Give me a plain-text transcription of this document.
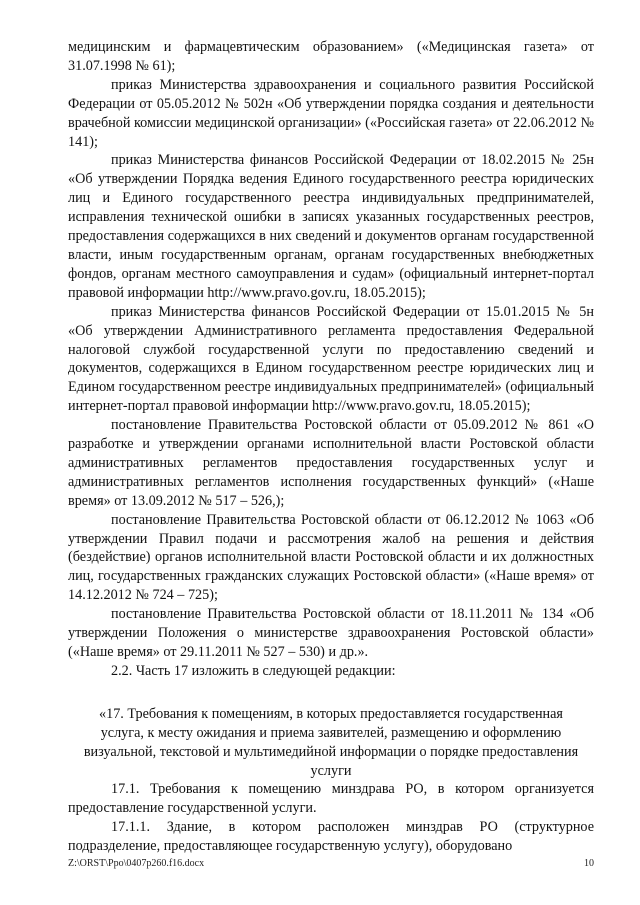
медицинским и фармацевтическим образованием» («Медицинская газета» от 31.07.1998 № 61);

приказ Министерства здравоохранения и социального развития Российской Федерации от 05.05.2012 № 502н «Об утверждении порядка создания и деятельности врачебной комиссии медицинской организации» («Российская газета» от 22.06.2012 № 141);

приказ Министерства финансов Российской Федерации от 18.02.2015 № 25н «Об утверждении Порядка ведения Единого государственного реестра юридических лиц и Единого государственного реестра индивидуальных предпринимателей, исправления технической ошибки в записях указанных государственных реестров, предоставления содержащихся в них сведений и документов органам государственной власти, иным государственным органам, органам государственных внебюджетных фондов, органам местного самоуправления и судам» (официальный интернет-портал правовой информации http://www.pravo.gov.ru, 18.05.2015);

приказ Министерства финансов Российской Федерации от 15.01.2015 № 5н «Об утверждении Административного регламента предоставления Федеральной налоговой службой государственной услуги по предоставлению сведений и документов, содержащихся в Едином государственном реестре юридических лиц и Едином государственном реестре индивидуальных предпринимателей» (официальный интернет-портал правовой информации http://www.pravo.gov.ru, 18.05.2015);

постановление Правительства Ростовской области от 05.09.2012 № 861 «О разработке и утверждении органами исполнительной власти Ростовской области административных регламентов предоставления государственных услуг и административных регламентов исполнения государственных функций» («Наше время» от 13.09.2012 № 517 – 526,);

постановление Правительства Ростовской области от 06.12.2012 № 1063 «Об утверждении Правил подачи и рассмотрения жалоб на решения и действия (бездействие) органов исполнительной власти Ростовской области и их должностных лиц, государственных гражданских служащих Ростовской области» («Наше время» от 14.12.2012 № 724 – 725);

постановление Правительства Ростовской области от 18.11.2011 № 134 «Об утверждении Положения о министерстве здравоохранения Ростовской области» («Наше время» от 29.11.2011 № 527 – 530) и др.».

2.2. Часть 17 изложить в следующей редакции:

«17. Требования к помещениям, в которых предоставляется государственная услуга, к месту ожидания и приема заявителей, размещению и оформлению визуальной, текстовой и мультимедийной информации о порядке предоставления услуги

17.1. Требования к помещению минздрава РО, в котором организуется предоставление государственной услуги.

17.1.1. Здание, в котором расположен минздрав РО (структурное подразделение, предоставляющее государственную услугу), оборудовано

Z:\ORST\Ppo\0407p260.f16.docx	10
